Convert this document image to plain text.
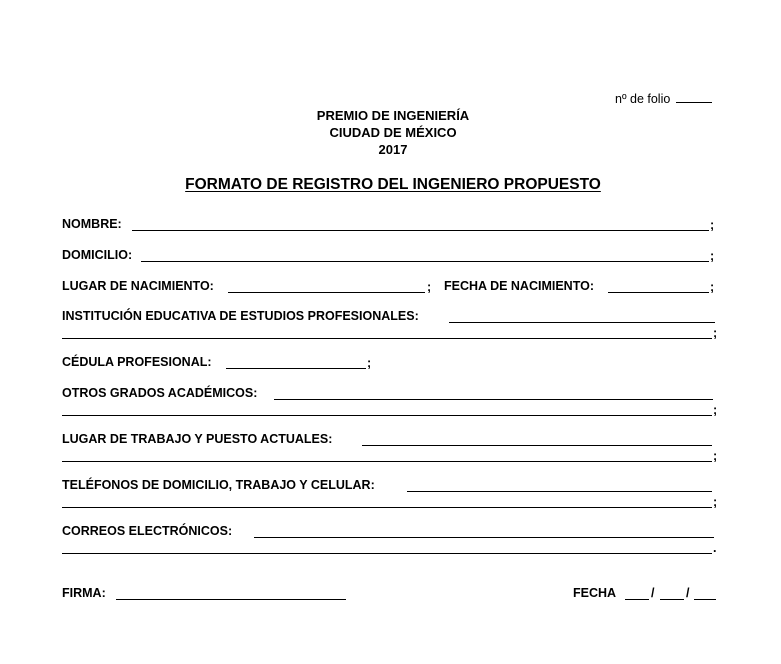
nº de folio
PREMIO DE INGENIERÍA
CIUDAD DE MÉXICO
2017
FORMATO DE REGISTRO DEL INGENIERO PROPUESTO
NOMBRE:	;
DOMICILIO:	;
LUGAR DE NACIMIENTO:	; FECHA DE NACIMIENTO:	;
INSTITUCIÓN EDUCATIVA DE ESTUDIOS PROFESIONALES:
;
CÉDULA PROFESIONAL:	;
OTROS GRADOS ACADÉMICOS:
;
LUGAR DE TRABAJO Y PUESTO ACTUALES:
;
TELÉFONOS DE DOMICILIO, TRABAJO Y CELULAR:
;
CORREOS ELECTRÓNICOS:
.
FIRMA:	FECHA	/	/
